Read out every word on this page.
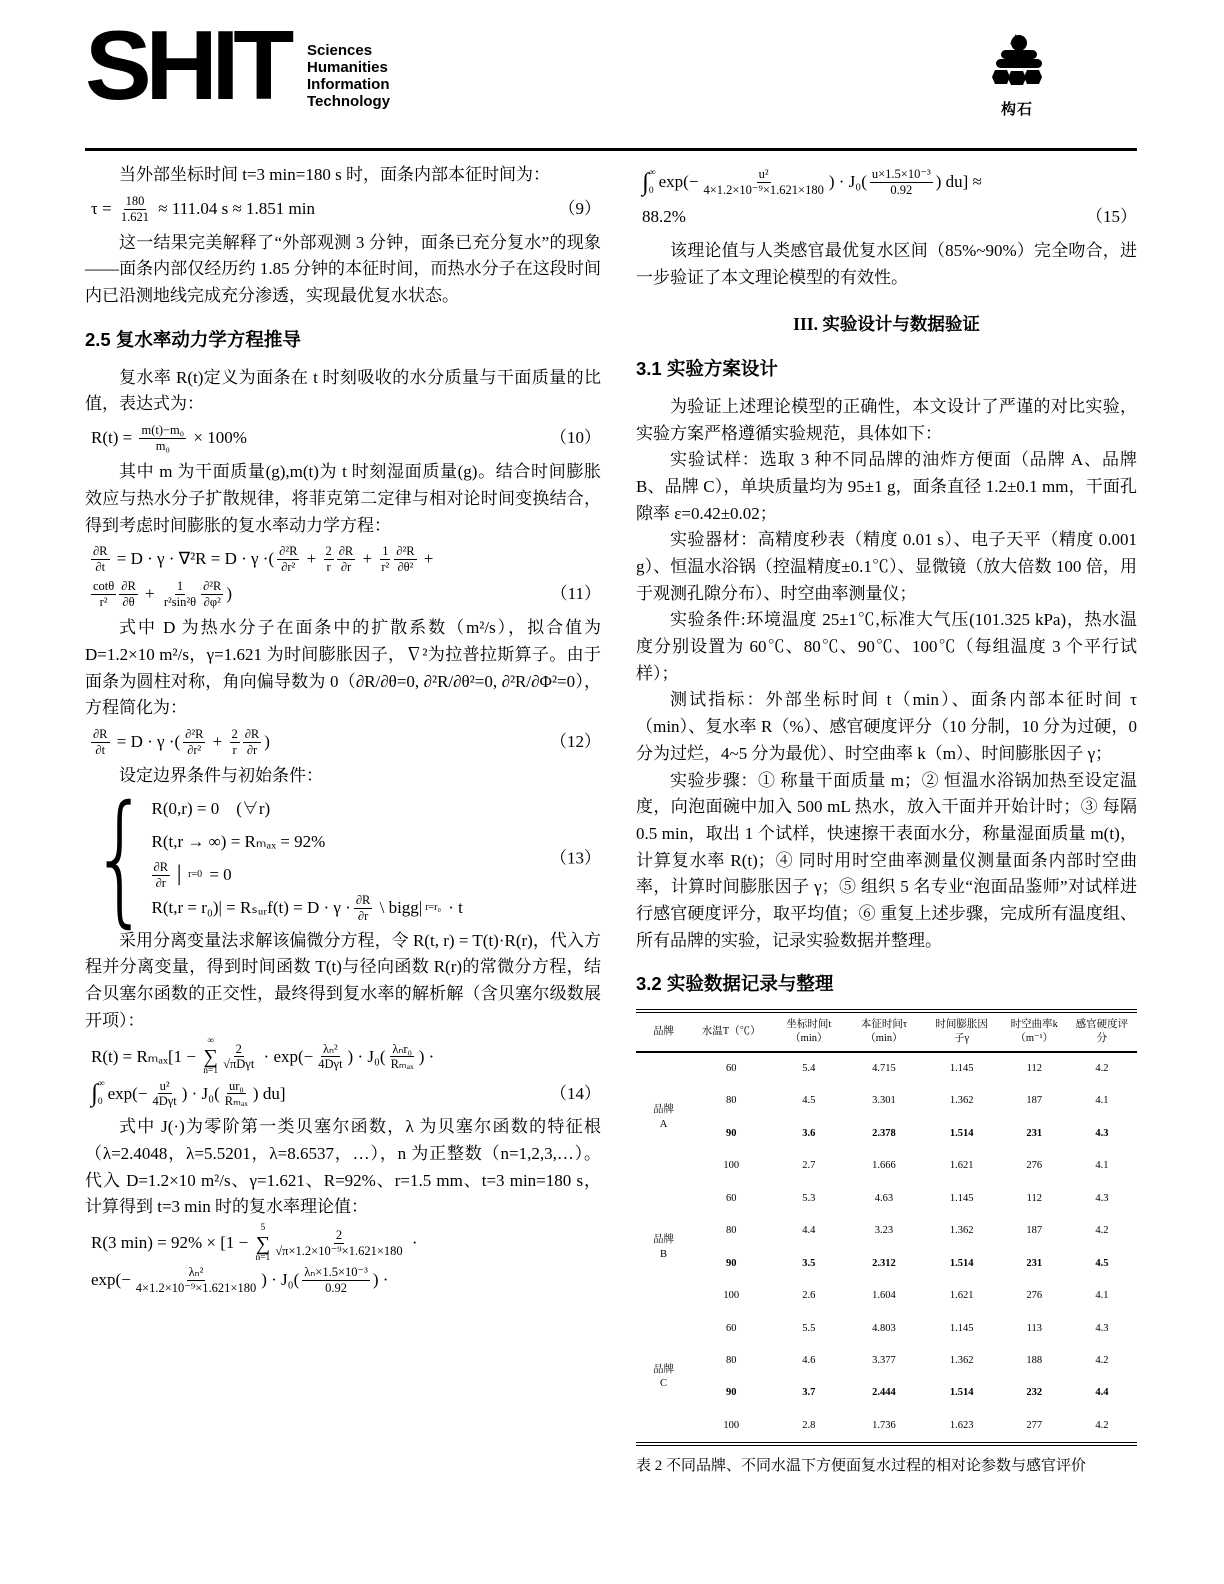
SHIT Sciences
Humanities
Information
Technology	构石

当外部坐标时间 t=3 min=180 s 时，面条内部本征时间为：

$\tau = \frac{180}{1.621} \approx 111.04$ s ≈ 1.851 min	（9）

这一结果完美解释了“外部观测 3 分钟，面条已充分复水”的现象——面条内部仅经历约 1.85 分钟的本征时间，而热水分子在这段时间内已沿测地线完成充分渗透，实现最优复水状态。

2.5 复水率动力学方程推导

复水率 R(t)定义为面条在 t 时刻吸收的水分质量与干面质量的比值，表达式为：

$R(t) = \frac{\text{m(t)−m₀}}{\text{m₀}} \times 100\%$	（10）

其中 m 为干面质量(g),m(t)为 t 时刻湿面质量(g)。结合时间膨胀效应与热水分子扩散规律，将菲克第二定律与相对论时间变换结合，得到考虑时间膨胀的复水率动力学方程：

$\frac{\partial R}{\partial t} = D \cdot \gamma \cdot \nabla^2R = D \cdot \gamma$ ·( $\frac{\text{∂²R}}{\text{∂r²}} + \frac{2}{r} \frac{\partial R}{\partial r} + \frac{1}{\text{r²}} \frac{\text{∂²R}}{\text{∂θ²}}$ +
$\frac{\cot\theta}{\text{r²}} \frac{\partial R}{\partial\theta} + \frac{1}{\text{r²sin²θ}} \frac{\text{∂²R}}{\text{∂φ²}}$ )	（11）

式中 D 为热水分子在面条中的扩散系数（m²/s），拟合值为 D=1.2×10 m²/s，γ=1.621 为时间膨胀因子，∇²为拉普拉斯算子。由于面条为圆柱对称，角向偏导数为 0（∂R/∂θ=0, ∂²R/∂θ²=0, ∂²R/∂Φ²=0），方程简化为：

$\frac{\partial R}{\partial t} = D \cdot \gamma$ ·( $\frac{\text{∂²R}}{\text{∂r²}} + \frac{2}{r} \frac{\partial R}{\partial r}$ )	（12）

设定边界条件与初始条件：

{ R(0,r) = 0　(∀r)
R(t,r → ∞) = Rₘₐₓ = 92%
$\frac{\partial R}{\partial r}$ │ r=0 = 0
R(t,r = r₀)| = Rₛᵤᵣf(t) = $D \cdot \gamma \cdot \frac{\partial R}{\partial r}$ \ bigg| r=r₀ · t
（13）

采用分离变量法求解该偏微分方程，令 R(t, r) = T(t)·R(r)，代入方程并分离变量，得到时间函数 T(t)与径向函数 R(r)的常微分方程，结合贝塞尔函数的正交性，最终得到复水率的解析解（含贝塞尔级数展开项）：

R(t) = Rₘₐₓ[1 −
∞
∑
$n=1 \frac{2}{\text{√πDγt}} \cdot \exp(- \frac{\text{λₙ²}}{\text{4Dγt}}$ ) · $J_0( \frac{\text{λₙr₀}}{\text{Rₘₐₓ}}$ ) ·
∫ ∞
0 $\exp(- \frac{\text{u²}}{\text{4Dγt}}$ ) · $J_0( \frac{\text{ur₀}}{\text{Rₘₐₓ}}$ ) du]	（14）

式中 J(·)为零阶第一类贝塞尔函数，λ 为贝塞尔函数的特征根（λ=2.4048，λ=5.5201，λ=8.6537，…），n 为正整数（n=1,2,3,…）。代入 D=1.2×10 m²/s、γ=1.621、R=92%、r=1.5 mm、t=3 min=180 s，计算得到 t=3 min 时的复水率理论值：

R(3 min) = 92% × [1 −
5
∑
$n=1 \frac{2}{\text{√π×1.2×10⁻⁹×1.621×180}}$ ·
$\exp(- \frac{\text{λₙ²}}{\text{4×1.2×10⁻⁹×1.621×180}}$ ) · $J_0( \frac{\text{λₙ×1.5×10⁻³}}{0.92}$ ) ·
∫ ∞
0 $\exp(- \frac{\text{u²}}{\text{4×1.2×10⁻⁹×1.621×180}}$ ) · $J_0( \frac{\text{u×1.5×10⁻³}}{0.92}$ ) du] ≈
88.2%	（15）

该理论值与人类感官最优复水区间（85%~90%）完全吻合，进一步验证了本文理论模型的有效性。

III. 实验设计与数据验证
3.1 实验方案设计

为验证上述理论模型的正确性，本文设计了严谨的对比实验，实验方案严格遵循实验规范，具体如下：

实验试样：选取 3 种不同品牌的油炸方便面（品牌 A、品牌 B、品牌 C），单块质量均为 95±1 g，面条直径 1.2±0.1 mm，干面孔隙率 ε=0.42±0.02；

实验器材：高精度秒表（精度 0.01 s）、电子天平（精度 0.001 g）、恒温水浴锅（控温精度±0.1℃）、显微镜（放大倍数 100 倍，用于观测孔隙分布）、时空曲率测量仪；

实验条件:环境温度 25±1℃,标准大气压(101.325 kPa)，热水温度分别设置为 60℃、80℃、90℃、100℃（每组温度 3 个平行试样）；

测试指标：外部坐标时间 t（min）、面条内部本征时间 τ（min）、复水率 R（%）、感官硬度评分（10 分制，10 分为过硬，0 分为过烂，4~5 分为最优）、时空曲率 k（m）、时间膨胀因子 γ；

实验步骤：① 称量干面质量 m；② 恒温水浴锅加热至设定温度，向泡面碗中加入 500 mL 热水，放入干面并开始计时；③ 每隔 0.5 min，取出 1 个试样，快速擦干表面水分，称量湿面质量 m(t)，计算复水率 R(t)；④ 同时用时空曲率测量仪测量面条内部时空曲率，计算时间膨胀因子 γ；⑤ 组织 5 名专业“泡面品鉴师”对试样进行感官硬度评分，取平均值；⑥ 重复上述步骤，完成所有温度组、所有品牌的实验，记录实验数据并整理。

3.2 实验数据记录与整理
品牌	水温T（℃）	坐标时间t
（min）	本征时间τ
（min）	时间膨胀因
子γ	时空曲率k
（m⁻¹）	感官硬度评
分
品牌
A	60	5.4	4.715	1.145	112	4.2
	80	4.5	3.301	1.362	187	4.1
	90	3.6	2.378	1.514	231	4.3
	100	2.7	1.666	1.621	276	4.1
品牌
B	60	5.3	4.63	1.145	112	4.3
	80	4.4	3.23	1.362	187	4.2
	90	3.5	2.312	1.514	231	4.5
	100	2.6	1.604	1.621	276	4.1
品牌
C	60	5.5	4.803	1.145	113	4.3
	80	4.6	3.377	1.362	188	4.2
	90	3.7	2.444	1.514	232	4.4
	100	2.8	1.736	1.623	277	4.2
表 2 不同品牌、不同水温下方便面复水过程的相对论参数与感官评价
